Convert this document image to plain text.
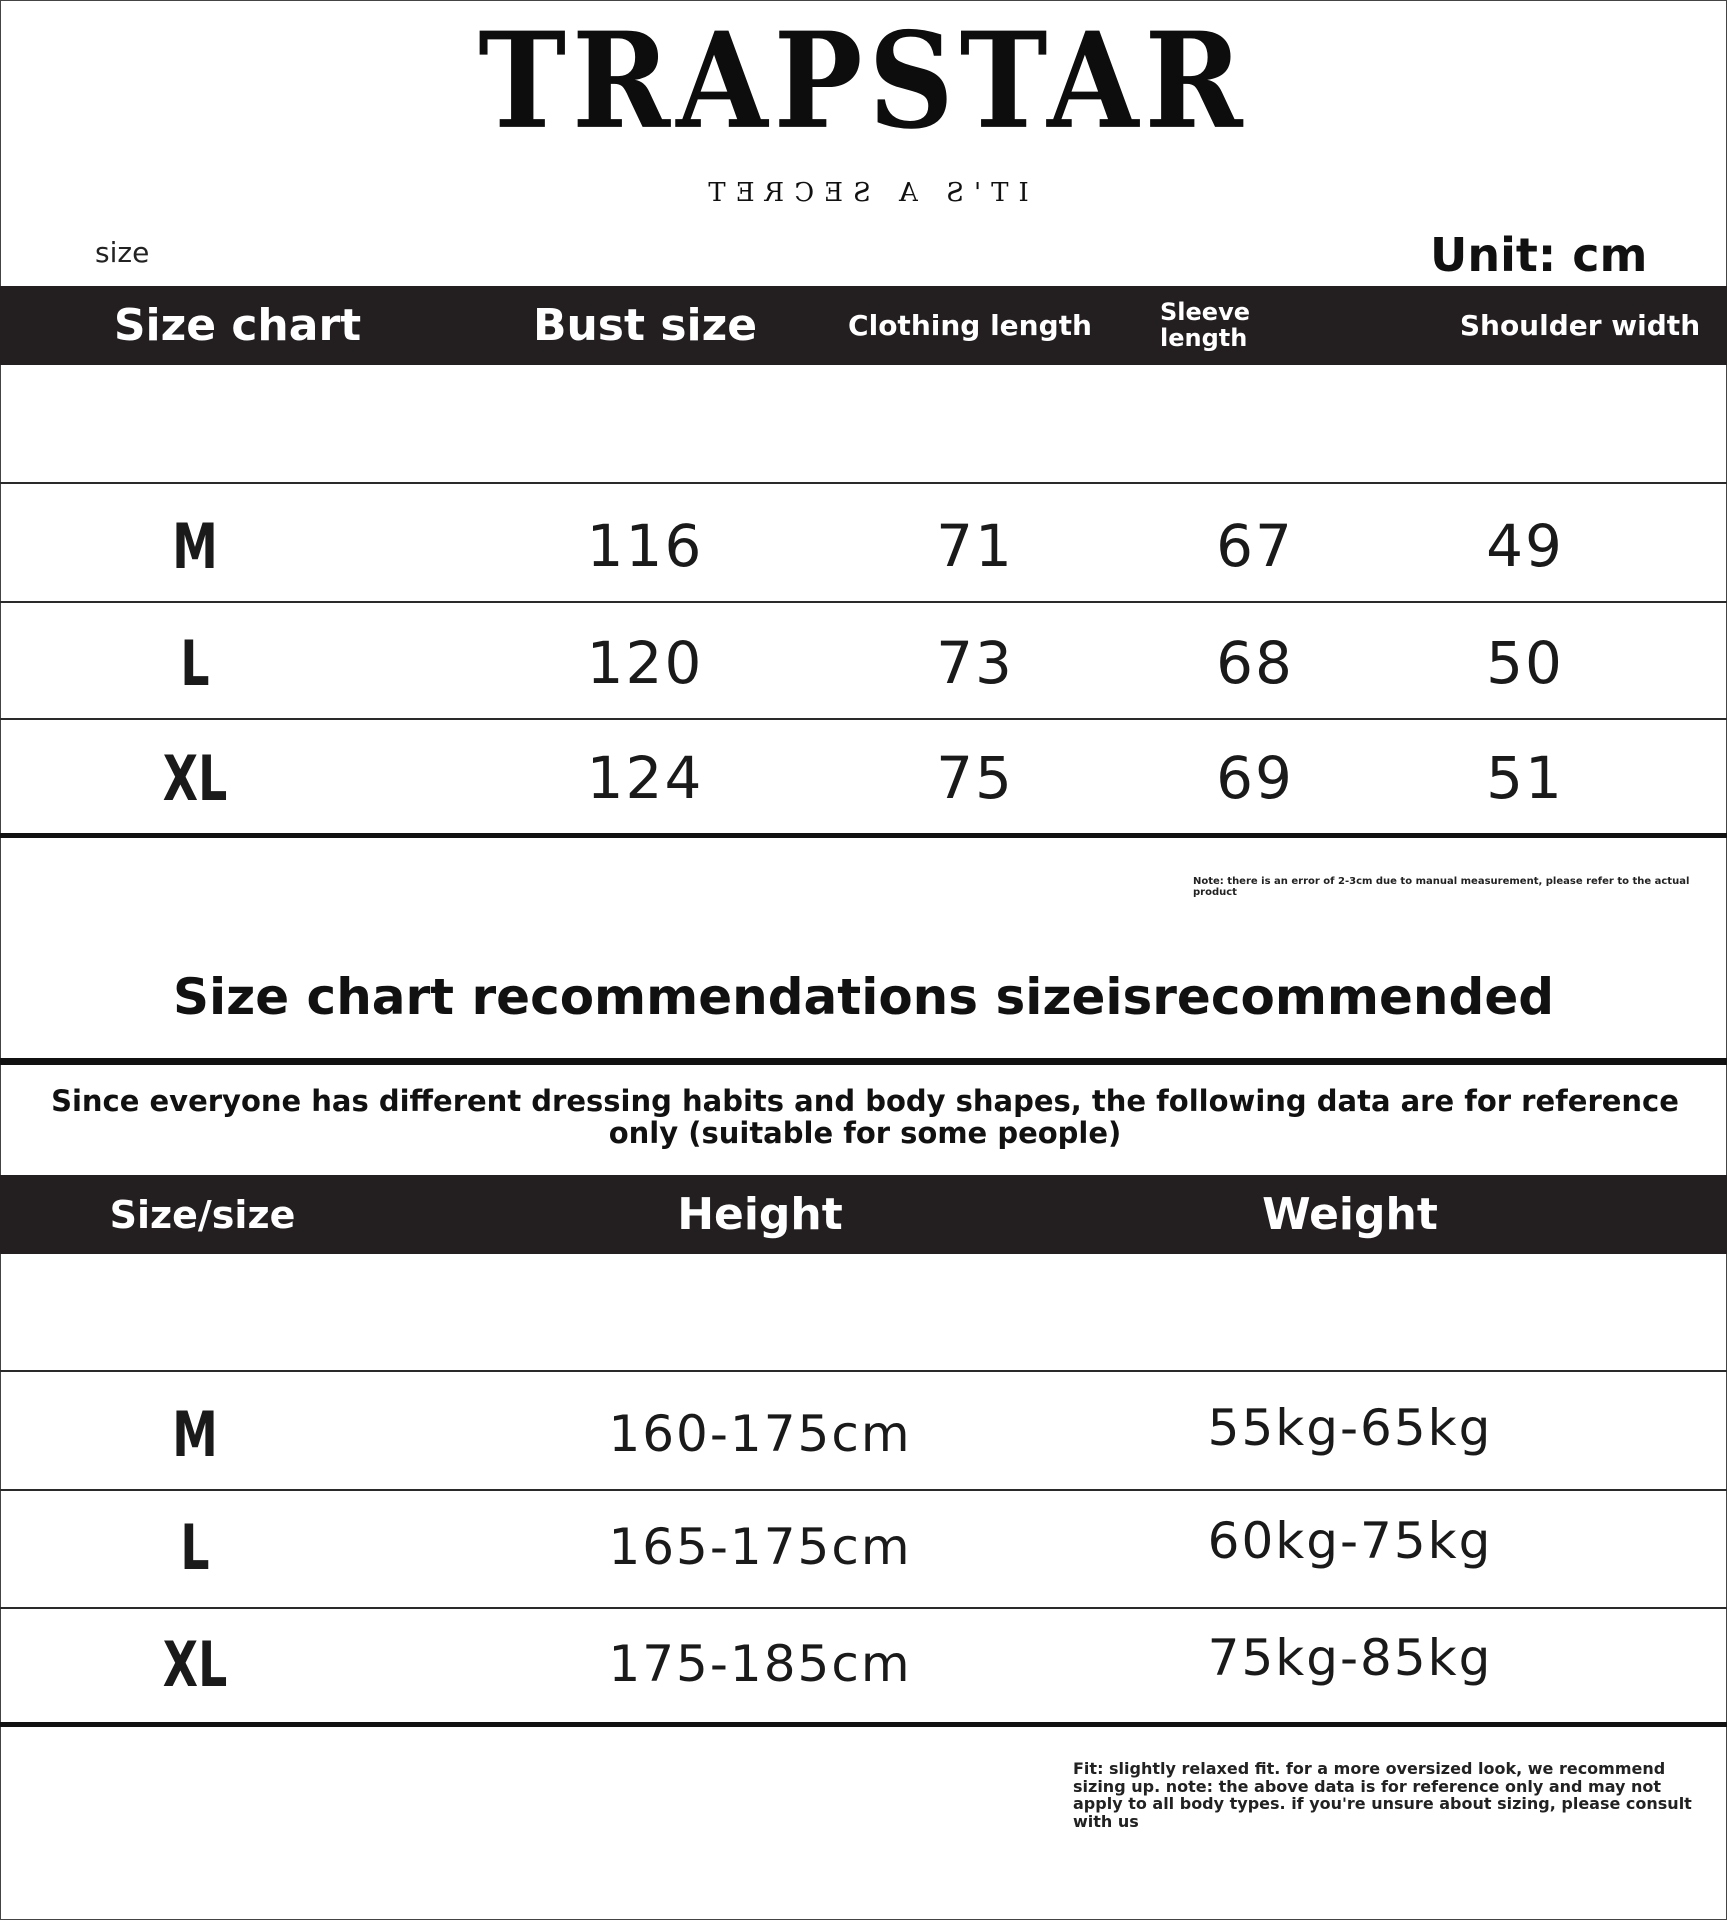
TRAPSTAR
IT'S A SECRET
size	Unit: cm
Size chart	Bust size	Clothing length	Sleeve length	Shoulder width
M	116	71	67	49
L	120	73	68	50
XL	124	75	69	51
Note: there is an error of 2-3cm due to manual measurement, please refer to the actual product
Size chart recommendations sizeisrecommended
Since everyone has different dressing habits and body shapes, the following data are for reference only (suitable for some people)
Size/size	Height	Weight
M	160-175cm	55kg-65kg
L	165-175cm	60kg-75kg
XL	175-185cm	75kg-85kg
Fit: slightly relaxed fit. for a more oversized look, we recommend sizing up. note: the above data is for reference only and may not apply to all body types. if you're unsure about sizing, please consult with us
